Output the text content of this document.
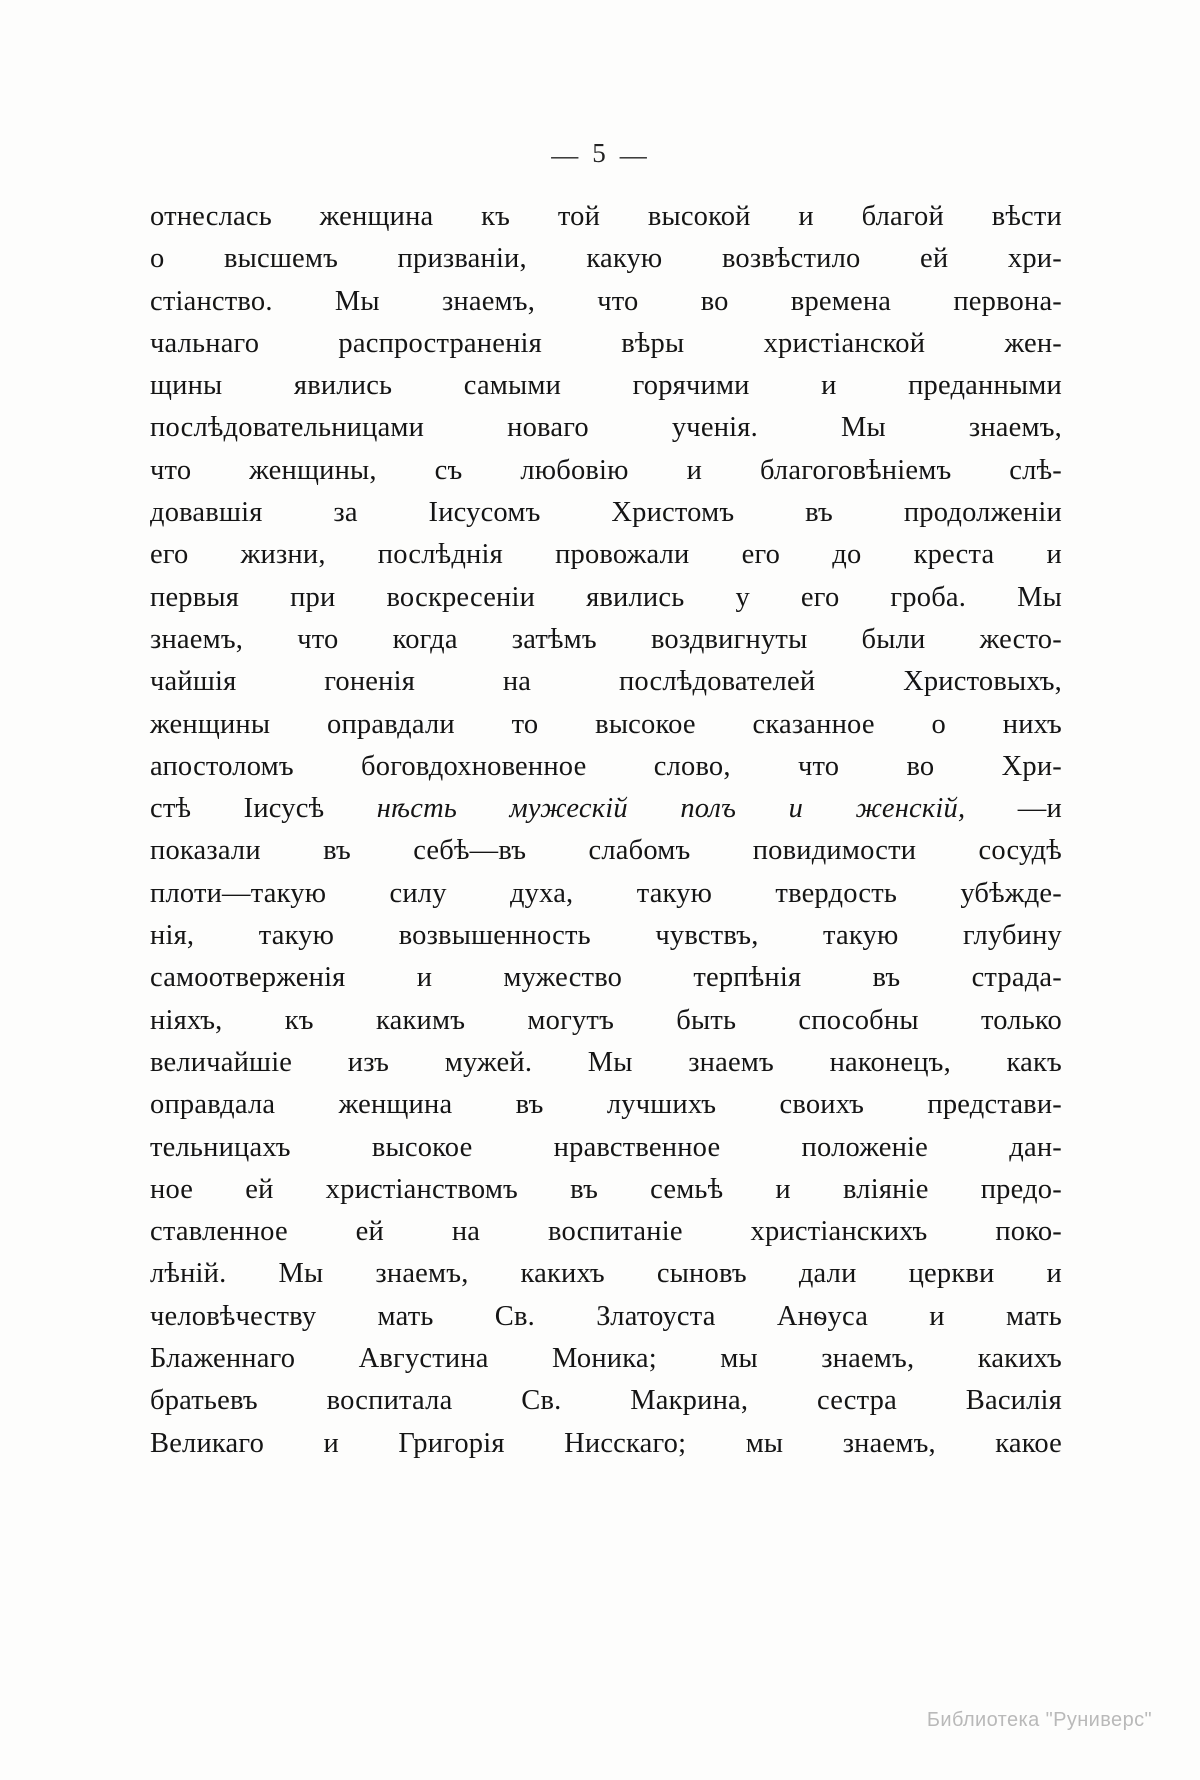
— 5 —
отнеслась женщина къ той высокой и благой вѣсти
о высшемъ призванiи, какую возвѣстило ей хри-
стiанство. Мы знаемъ, что во времена первона-
чальнаго	распространенiя	вѣры	христiанской	жен-
щины	явились	самыми	горячими	и	преданными
послѣдовательницами	новаго	ученiя.	Мы	знаемъ,
что женщины, съ любовiю и благоговѣнiемъ слѣ-
довавшiя за Iисусомъ Христомъ въ продолженiи
его жизни, послѣднiя провожали его до креста и
первыя при воскресенiи явились у его гроба. Мы
знаемъ, что когда затѣмъ воздвигнуты были жесто-
чайшiя	гоненiя	на	послѣдователей	Христовыхъ,
женщины оправдали то высокое сказанное о нихъ
апостоломъ боговдохновенное слово, что во Хри-
стѣ Iисусѣ нѣсть мужескiй полъ и женскiй, —и
показали въ себѣ—въ слабомъ повидимости сосудѣ
плоти—такую силу духа, такую твердость убѣжде-
нiя, такую возвышенность чувствъ, такую глубину
самоотверженiя и мужество терпѣнiя въ страда-
нiяхъ, къ какимъ могутъ быть способны только
величайшiе изъ мужей. Мы знаемъ наконецъ, какъ
оправдала женщина въ лучшихъ своихъ представи-
тельницахъ	высокое	нравственное	положенiе	дан-
ное ей христiанствомъ въ семьѣ и влiянiе предо-
ставленное ей на воспитанiе христiанскихъ поко-
лѣнiй. Мы знаемъ, какихъ сыновъ дали церкви и
человѣчеству мать Св. Златоуста Анѳуса и мать
Блаженнаго Августина Моника; мы знаемъ, какихъ
братьевъ воспитала Св. Макрина, сестра Василiя
Великаго и Григорiя Нисскаго; мы знаемъ, какое
Библиотека "Руниверс"
